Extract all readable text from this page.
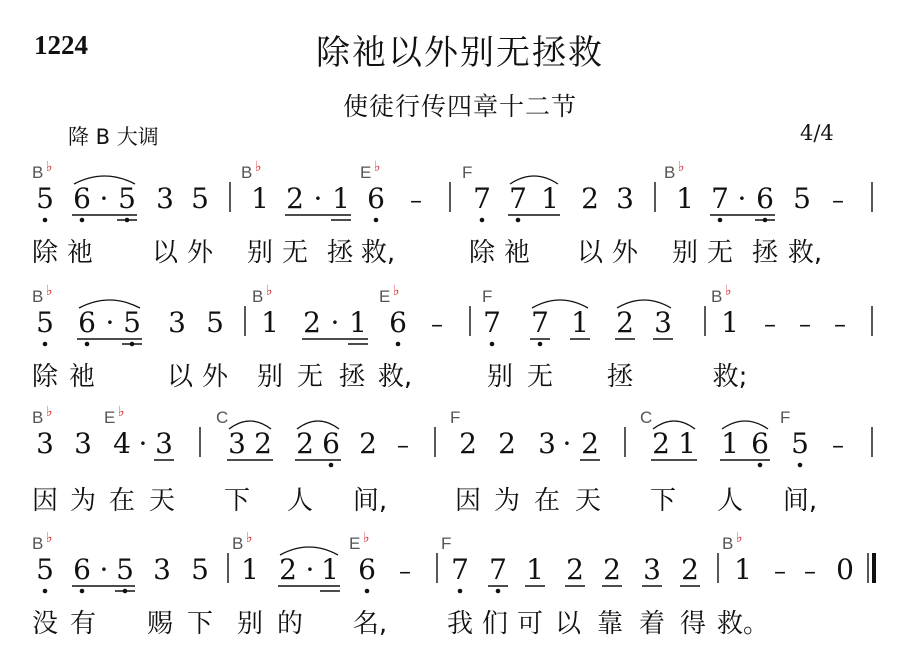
1224	除祂以外别无拯救
使徒行传四章十二节
降 B 大调	4/4
B ♭	B ♭	E ♭	F	B ♭
5 6 · 5 3 5 1 2 · 1 6 – 7 7 1 2 3 1 7 · 6 5 –
除 祂 以 外 别 无 拯 救,	除 祂 以 外 别 无 拯 救,
B ♭	B ♭	E ♭	F	B ♭
5 6 · 5 3 5 1 2 · 1 6 – 7 7 1 2 3 1 – – –
除 祂	以 外 别 无 拯 救,	别 无 拯	救;
B ♭	E ♭	C	F	C	F
3 3 4 · 3 3 2 2 6 2 – 2 2 3 · 2 2 1 1 6 5 –
因 为 在 天 下 人 间,	因 为 在 天 下 人 间,
B ♭	B ♭	E ♭	F	B ♭
5 6 · 5 3 5 1 2 · 1 6 – 7 7 1 2 2 3 2 1 – – 0
没 有 赐 下 别 的 名, 我 们 可 以 靠 着 得 救。
